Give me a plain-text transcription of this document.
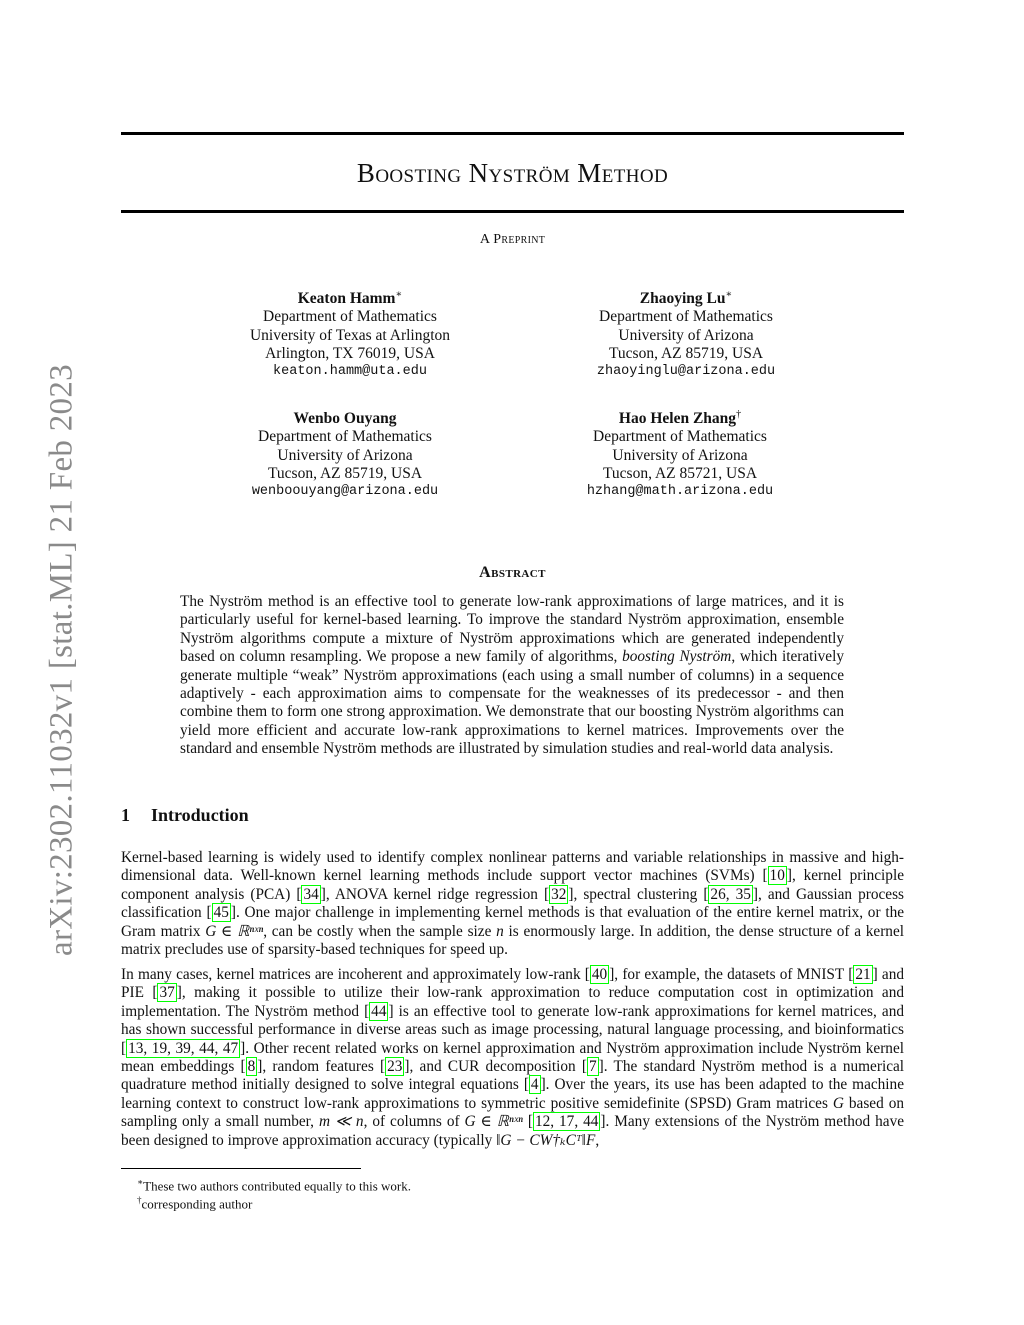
arXiv:2302.11032v1 [stat.ML] 21 Feb 2023
Boosting Nyström Method
A Preprint
Keaton Hamm∗
Department of Mathematics
University of Texas at Arlington
Arlington, TX 76019, USA
keaton.hamm@uta.edu
Zhaoying Lu∗
Department of Mathematics
University of Arizona
Tucson, AZ 85719, USA
zhaoyinglu@arizona.edu
Wenbo Ouyang
Department of Mathematics
University of Arizona
Tucson, AZ 85719, USA
wenboouyang@arizona.edu
Hao Helen Zhang†
Department of Mathematics
University of Arizona
Tucson, AZ 85721, USA
hzhang@math.arizona.edu
Abstract
The Nyström method is an effective tool to generate low-rank approximations of large matrices, and it is particularly useful for kernel-based learning. To improve the standard Nyström approximation, ensemble Nyström algorithms compute a mixture of Nyström approximations which are generated independently based on column resampling. We propose a new family of algorithms, boosting Nyström, which iteratively generate multiple “weak” Nyström approximations (each using a small number of columns) in a sequence adaptively - each approximation aims to compensate for the weaknesses of its predecessor - and then combine them to form one strong approximation. We demonstrate that our boosting Nyström algorithms can yield more efficient and accurate low-rank approximations to kernel matrices. Improvements over the standard and ensemble Nyström methods are illustrated by simulation studies and real-world data analysis.
1 Introduction
Kernel-based learning is widely used to identify complex nonlinear patterns and variable relationships in massive and high-dimensional data. Well-known kernel learning methods include support vector machines (SVMs) [ 10 ], kernel principle component analysis (PCA) [ 34 ], ANOVA kernel ridge regression [ 32 ], spectral clustering [ 26, 35 ], and Gaussian process classification [ 45 ]. One major challenge in implementing kernel methods is that evaluation of the entire kernel matrix, or the Gram matrix G ∈ ℝⁿˣⁿ, can be costly when the sample size n is enormously large. In addition, the dense structure of a kernel matrix precludes use of sparsity-based techniques for speed up.
In many cases, kernel matrices are incoherent and approximately low-rank [ 40 ], for example, the datasets of MNIST [ 21 ] and PIE [ 37 ], making it possible to utilize their low-rank approximation to reduce computation cost in optimization and implementation. The Nyström method [ 44 ] is an effective tool to generate low-rank approximations for kernel matrices, and has shown successful performance in diverse areas such as image processing, natural language processing, and bioinformatics [ 13, 19, 39, 44, 47 ]. Other recent related works on kernel approximation and Nyström approximation include Nyström kernel mean embeddings [ 8 ], random features [ 23 ], and CUR decomposition [ 7 ]. The standard Nyström method is a numerical quadrature method initially designed to solve integral equations [ 4 ]. Over the years, its use has been adapted to the machine learning context to construct low-rank approximations to symmetric positive semidefinite (SPSD) Gram matrices G based on sampling only a small number, m ≪ n, of columns of G ∈ ℝⁿˣⁿ [ 12, 17, 44 ]. Many extensions of the Nyström method have been designed to improve approximation accuracy (typically ‖G − CW†ₖCᵀ‖F,
∗These two authors contributed equally to this work.
†corresponding author
